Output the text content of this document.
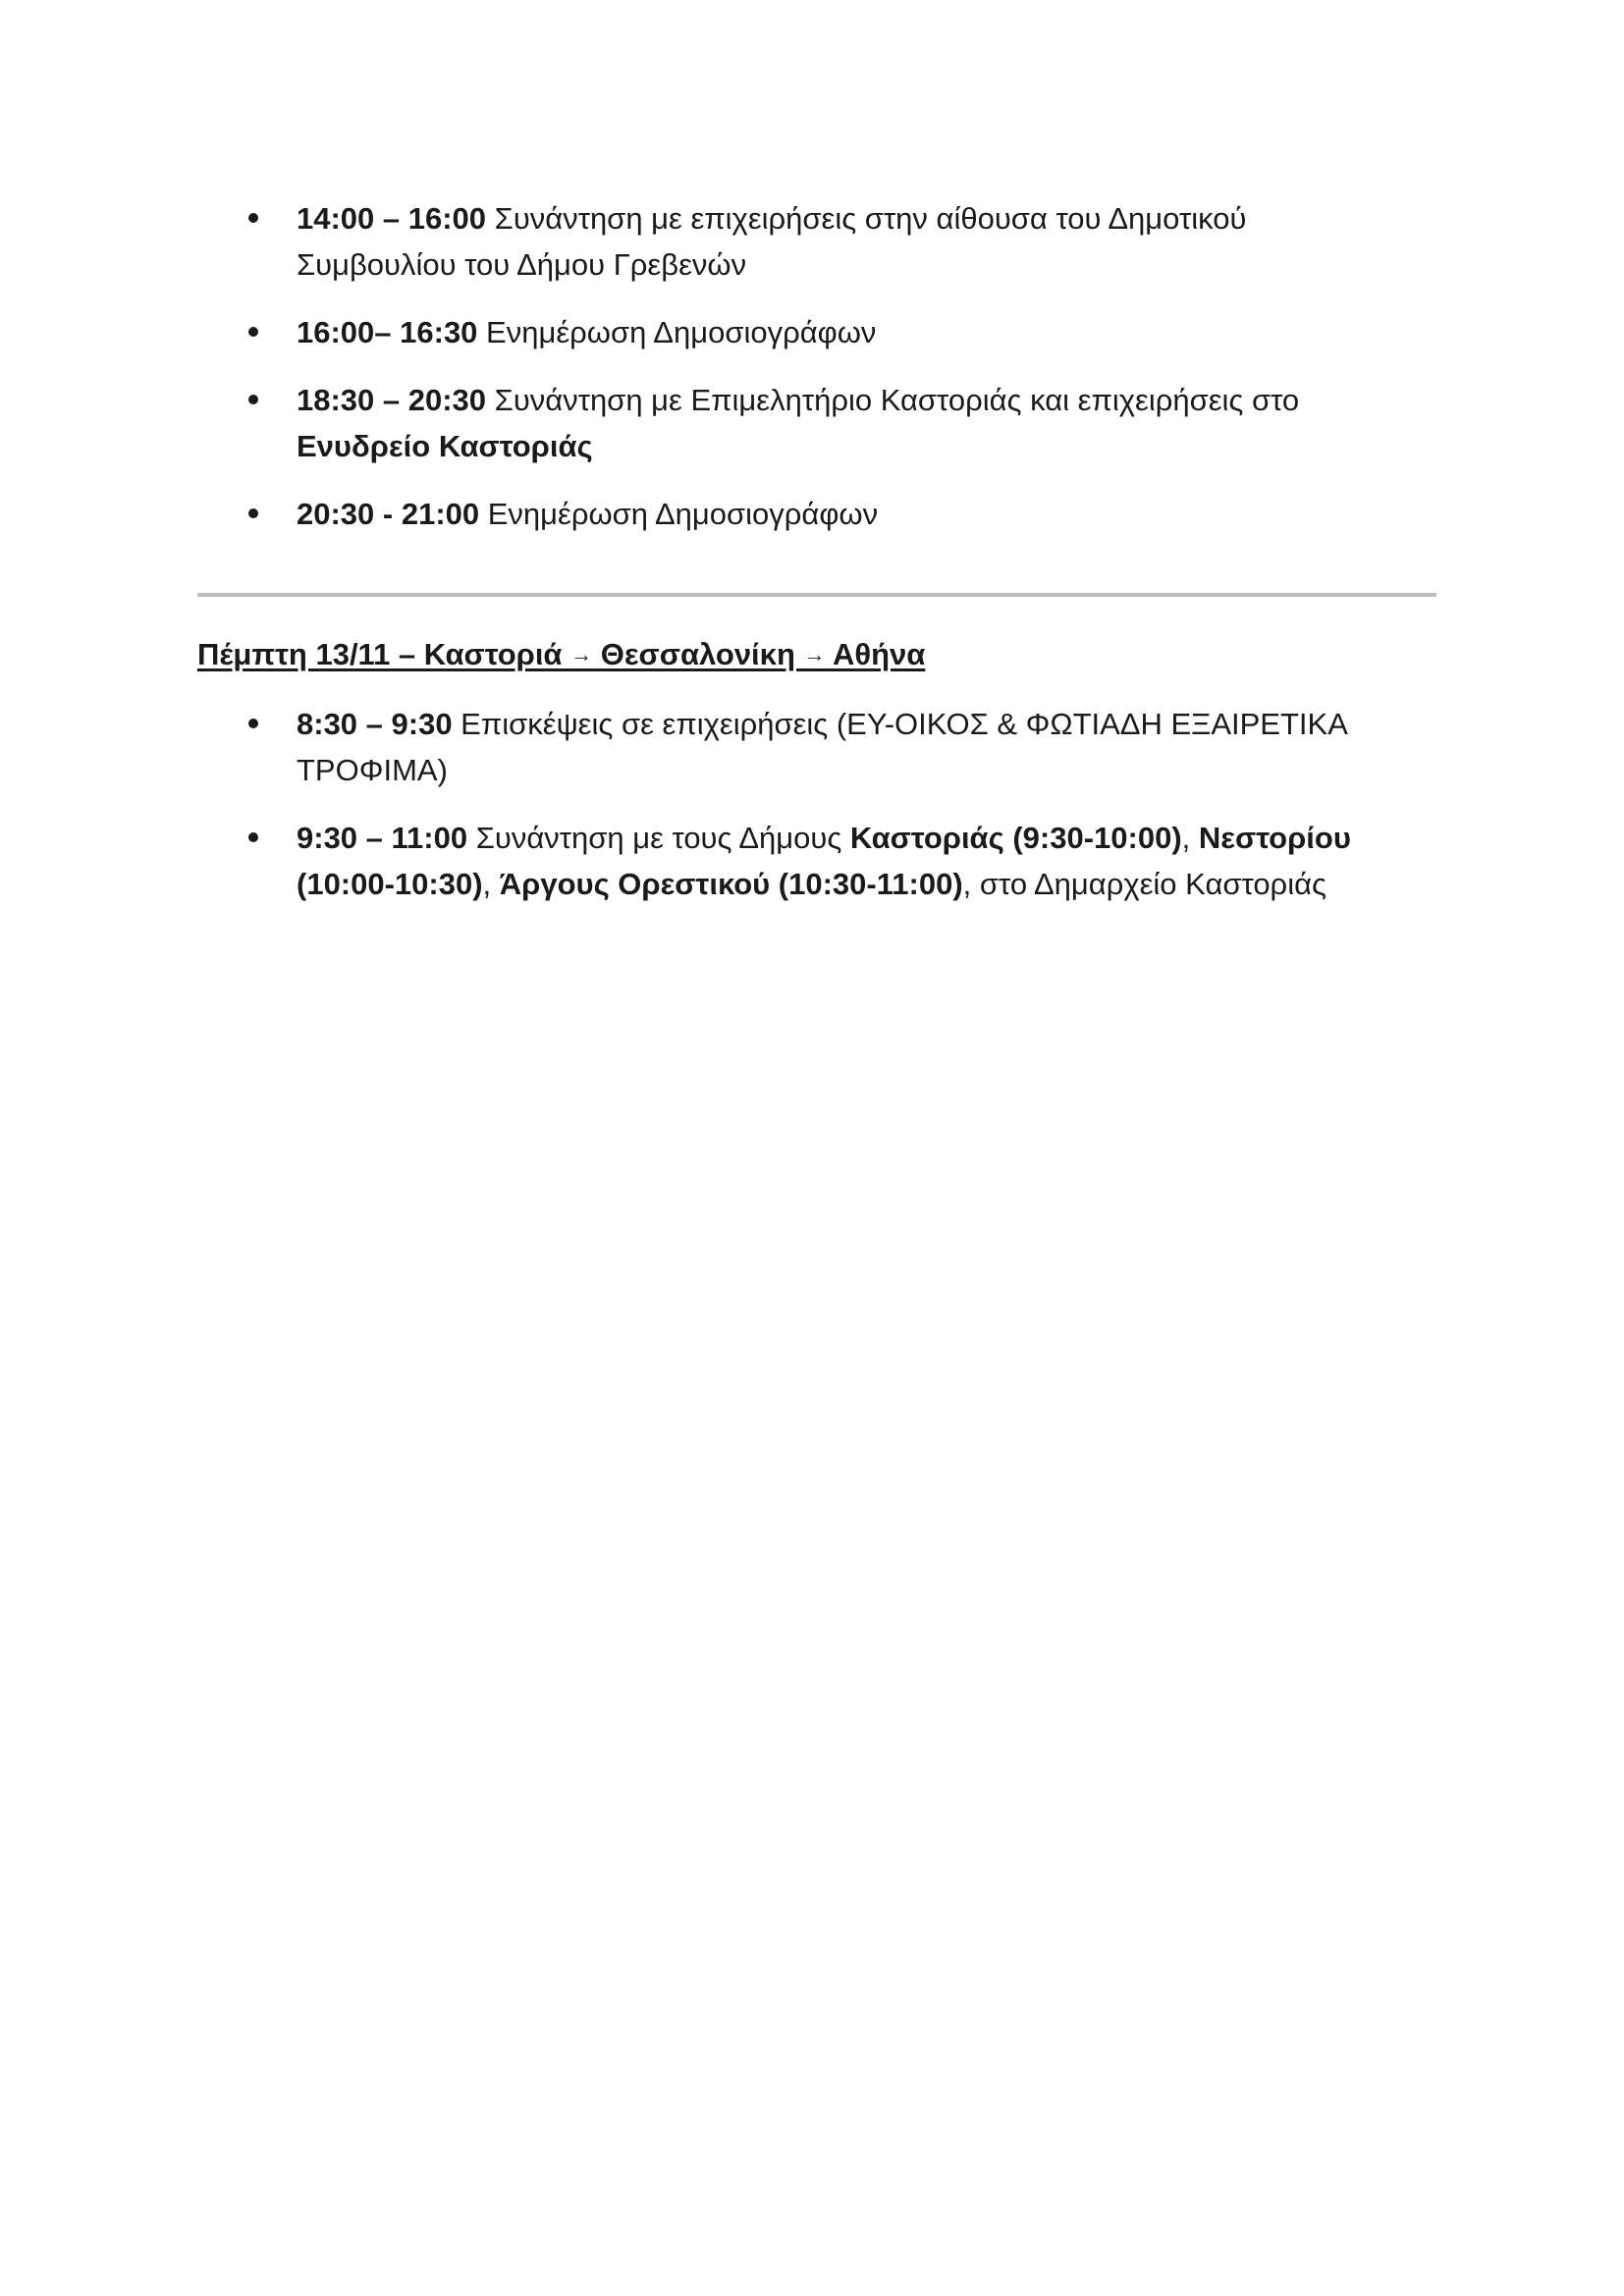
14:00 – 16:00 Συνάντηση με επιχειρήσεις στην αίθουσα του Δημοτικού
Συμβουλίου του Δήμου Γρεβενών
16:00– 16:30 Ενημέρωση Δημοσιογράφων
18:30 – 20:30 Συνάντηση με Επιμελητήριο Καστοριάς και επιχειρήσεις στο
Ενυδρείο Καστοριάς
20:30 - 21:00 Ενημέρωση Δημοσιογράφων

Πέμπτη 13/11 – Καστοριά → Θεσσαλονίκη → Αθήνα

8:30 – 9:30 Επισκέψεις σε επιχειρήσεις (ΕΥ-ΟΙΚΟΣ & ΦΩΤΙΑΔΗ ΕΞΑΙΡΕΤΙΚΑ
ΤΡΟΦΙΜΑ)
9:30 – 11:00 Συνάντηση με τους Δήμους Καστοριάς (9:30-10:00), Νεστορίου
(10:00-10:30), Άργους Ορεστικού (10:30-11:00), στο Δημαρχείο Καστοριάς
